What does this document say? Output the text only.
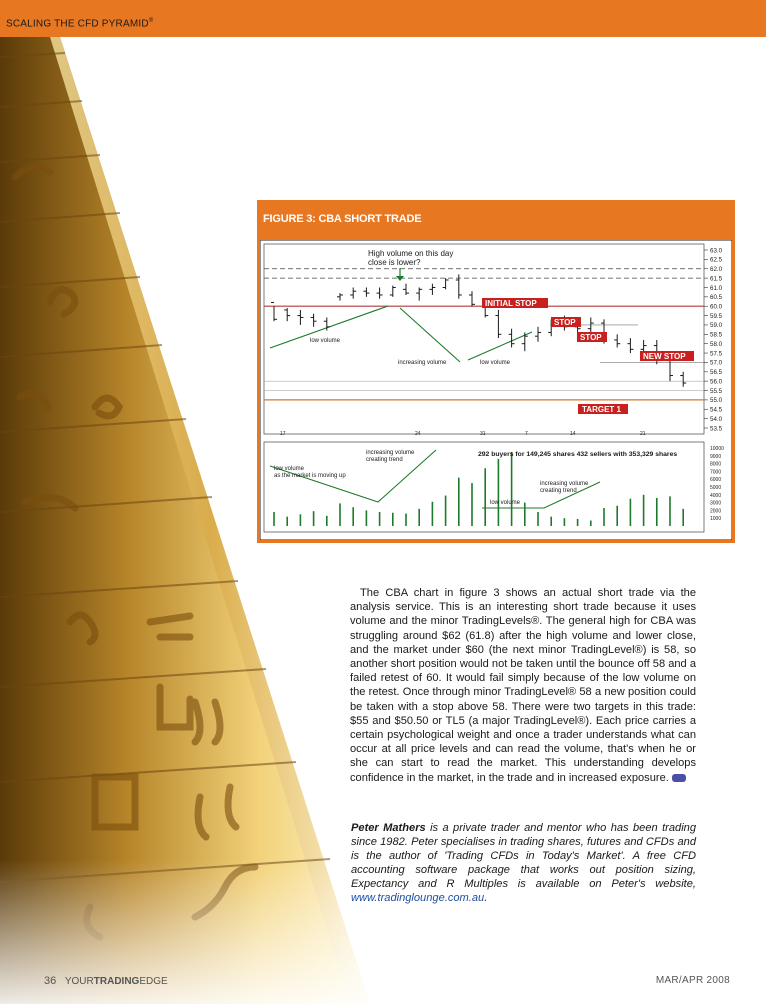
SCALING THE CFD PYRAMID®
FIGURE 3: CBA SHORT TRADE
63.0
62.5
62.0
61.5
61.0
60.5
60.0
59.5
59.0
58.5
58.0
57.5
57.0
56.5
56.0
55.5
55.0
54.5
54.0
53.5
10000
9000
8000
7000
6000
5000
4000
3000
2000
1000
17	24	31	7	14	21
High volume on this day
close is lower?
low volume
increasing volume	low volume
INITIAL STOP
STOP
STOP
NEW STOP
TARGET 1
low volume
as the market is moving up
increasing volume
creating trend
292 buyers for 149,245 shares 432 sellers with 353,329 shares
increasing volume
creating trend
low volume

The CBA chart in figure 3 shows an actual short trade via the analysis service. This is an interesting short trade because it uses volume and the minor TradingLevels®. The general high for CBA was struggling around $62 (61.8) after the high volume and lower close, and the market under $60 (the next minor TradingLevel®) is 58, so another short position would not be taken until the bounce off 58 and a failed retest of 60. It would fail simply because of the low volume on the retest. Once through minor TradingLevel® 58 a new position could be taken with a stop above 58. There were two targets in this trade: $55 and $50.50 or TL5 (a major TradingLevel®). Each price carries a certain psychological weight and once a trader understands what can occur at all price levels and can read the volume, that's when he or she can start to read the market. This understanding develops confidence in the market, in the trade and in increased exposure.

Peter Mathers is a private trader and mentor who has been trading since 1982. Peter specialises in trading shares, futures and CFDs and is the author of 'Trading CFDs in Today's Market'. A free CFD accounting software package that works out position sizing, Expectancy and R Multiples is available on Peter's website, www.tradinglounge.com.au.
36 YOURTRADINGEDGE	MAR/APR 2008
